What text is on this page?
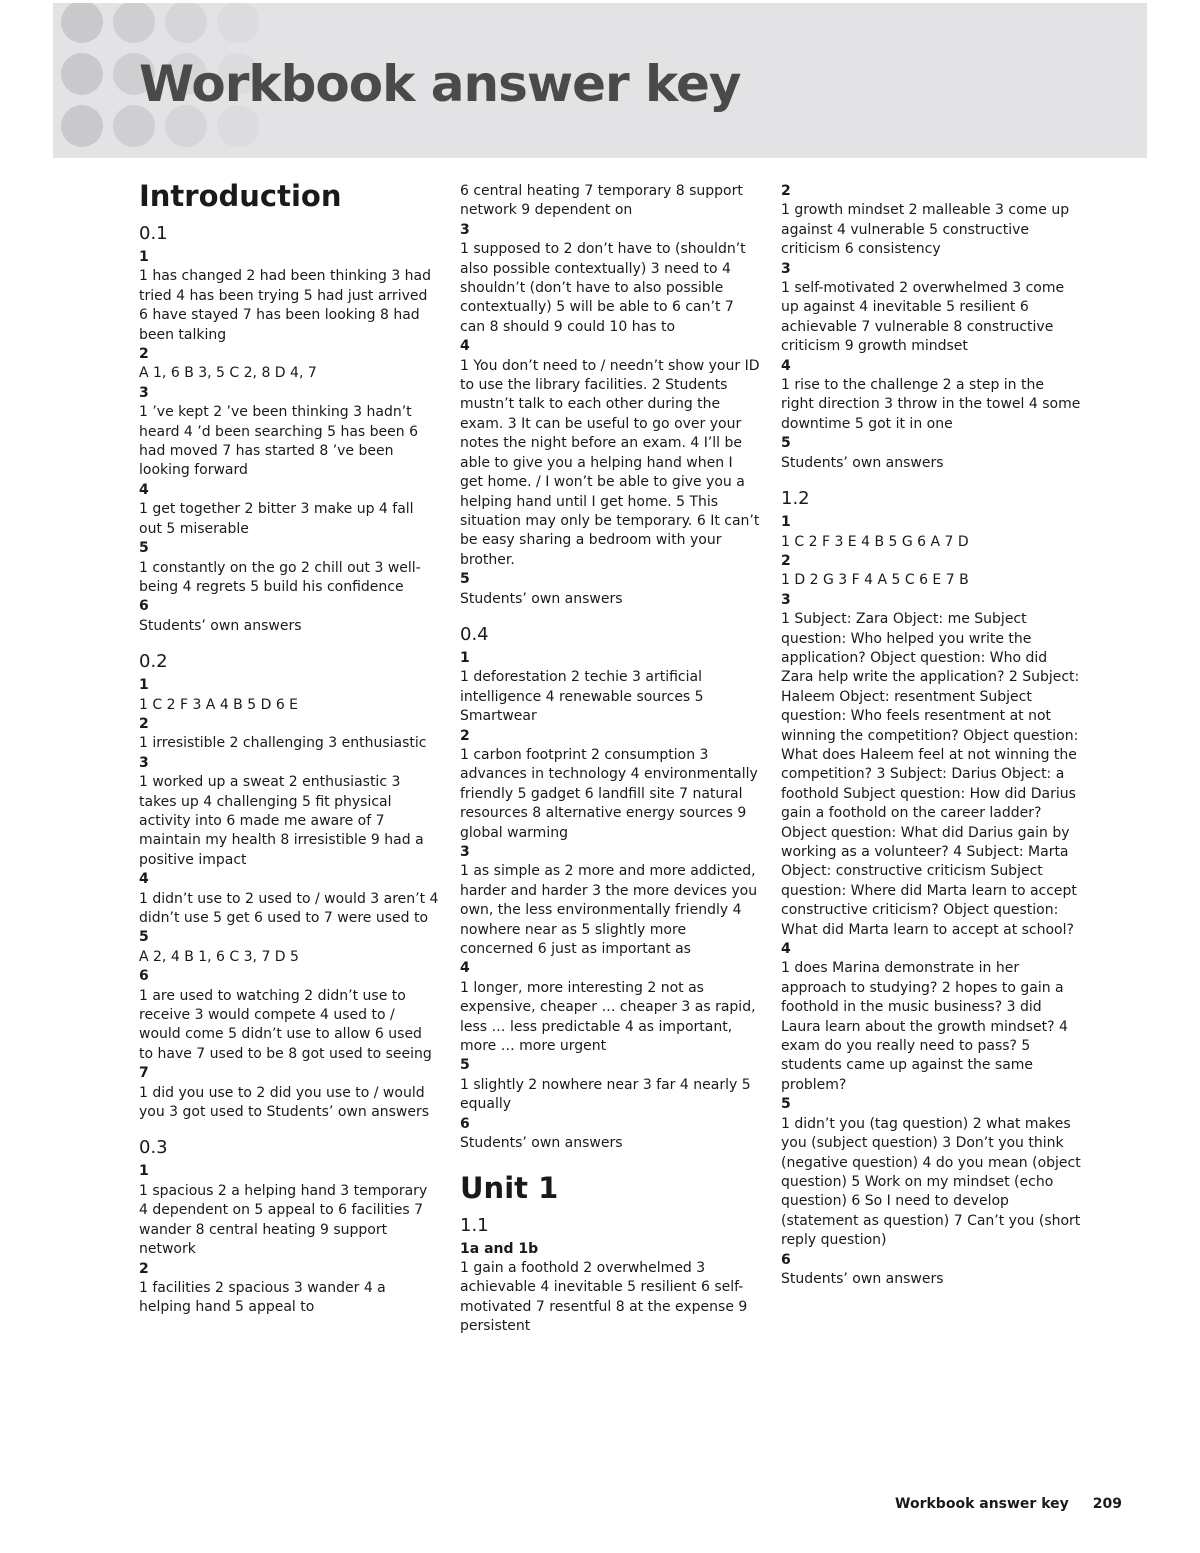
Workbook answer key
Introduction
0.1
1
1 has changed 2 had been thinking 3 had tried 4 has been trying 5 had just arrived 6 have stayed 7 has been looking 8 had been talking
2
A 1, 6 B 3, 5 C 2, 8 D 4, 7
3
1 ’ve kept 2 ’ve been thinking 3 hadn’t heard 4 ’d been searching 5 has been 6 had moved 7 has started 8 ’ve been looking forward
4
1 get together 2 bitter 3 make up 4 fall out 5 miserable
5
1 constantly on the go 2 chill out 3 well-being 4 regrets 5 build his confidence
6
Students’ own answers
0.2
1
1 C 2 F 3 A 4 B 5 D 6 E
2
1 irresistible 2 challenging 3 enthusiastic
3
1 worked up a sweat 2 enthusiastic 3 takes up 4 challenging 5 fit physical activity into 6 made me aware of 7 maintain my health 8 irresistible 9 had a positive impact
4
1 didn’t use to 2 used to / would 3 aren’t 4 didn’t use 5 get 6 used to 7 were used to
5
A 2, 4 B 1, 6 C 3, 7 D 5
6
1 are used to watching 2 didn’t use to receive 3 would compete 4 used to / would come 5 didn’t use to allow 6 used to have 7 used to be 8 got used to seeing
7
1 did you use to 2 did you use to / would you 3 got used to Students’ own answers
0.3
1
1 spacious 2 a helping hand 3 temporary 4 dependent on 5 appeal to 6 facilities 7 wander 8 central heating 9 support network
2
1 facilities 2 spacious 3 wander 4 a helping hand 5 appeal to
6 central heating 7 temporary 8 support network 9 dependent on
3
1 supposed to 2 don’t have to (shouldn’t also possible contextually) 3 need to 4 shouldn’t (don’t have to also possible contextually) 5 will be able to 6 can’t 7 can 8 should 9 could 10 has to
4
1 You don’t need to / needn’t show your ID to use the library facilities. 2 Students mustn’t talk to each other during the exam. 3 It can be useful to go over your notes the night before an exam. 4 I’ll be able to give you a helping hand when I get home. / I won’t be able to give you a helping hand until I get home. 5 This situation may only be temporary. 6 It can’t be easy sharing a bedroom with your brother.
5
Students’ own answers
0.4
1
1 deforestation 2 techie 3 artificial intelligence 4 renewable sources 5 Smartwear
2
1 carbon footprint 2 consumption 3 advances in technology 4 environmentally friendly 5 gadget 6 landfill site 7 natural resources 8 alternative energy sources 9 global warming
3
1 as simple as 2 more and more addicted, harder and harder 3 the more devices you own, the less environmentally friendly 4 nowhere near as 5 slightly more concerned 6 just as important as
4
1 longer, more interesting 2 not as expensive, cheaper … cheaper 3 as rapid, less … less predictable 4 as important, more … more urgent
5
1 slightly 2 nowhere near 3 far 4 nearly 5 equally
6
Students’ own answers
Unit 1
1.1
1a and 1b
1 gain a foothold 2 overwhelmed 3 achievable 4 inevitable 5 resilient 6 self-motivated 7 resentful 8 at the expense 9 persistent
2
1 growth mindset 2 malleable 3 come up against 4 vulnerable 5 constructive criticism 6 consistency
3
1 self-motivated 2 overwhelmed 3 come up against 4 inevitable 5 resilient 6 achievable 7 vulnerable 8 constructive criticism 9 growth mindset
4
1 rise to the challenge 2 a step in the right direction 3 throw in the towel 4 some downtime 5 got it in one
5
Students’ own answers
1.2
1
1 C 2 F 3 E 4 B 5 G 6 A 7 D
2
1 D 2 G 3 F 4 A 5 C 6 E 7 B
3
1 Subject: Zara Object: me Subject question: Who helped you write the application? Object question: Who did Zara help write the application? 2 Subject: Haleem Object: resentment Subject question: Who feels resentment at not winning the competition? Object question: What does Haleem feel at not winning the competition? 3 Subject: Darius Object: a foothold Subject question: How did Darius gain a foothold on the career ladder? Object question: What did Darius gain by working as a volunteer? 4 Subject: Marta Object: constructive criticism Subject question: Where did Marta learn to accept constructive criticism? Object question: What did Marta learn to accept at school?
4
1 does Marina demonstrate in her approach to studying? 2 hopes to gain a foothold in the music business? 3 did Laura learn about the growth mindset? 4 exam do you really need to pass? 5 students came up against the same problem?
5
1 didn’t you (tag question) 2 what makes you (subject question) 3 Don’t you think (negative question) 4 do you mean (object question) 5 Work on my mindset (echo question) 6 So I need to develop (statement as question) 7 Can’t you (short reply question)
6
Students’ own answers
Workbook answer key 209
